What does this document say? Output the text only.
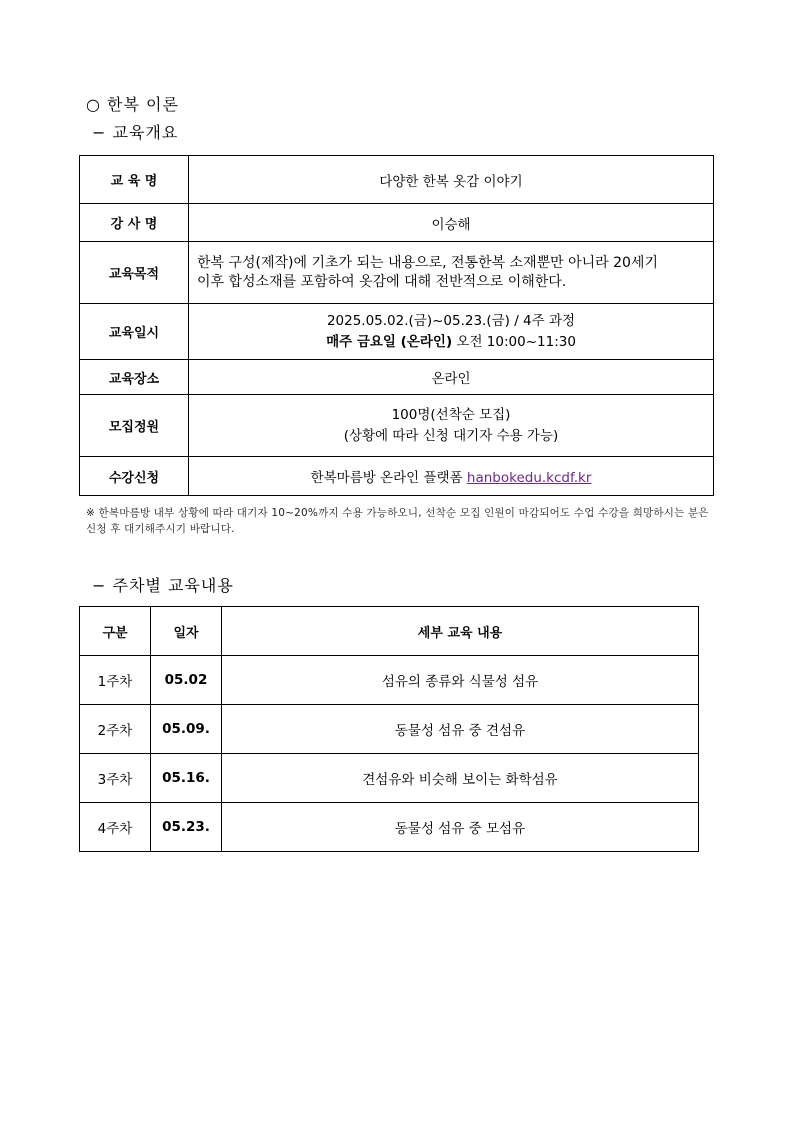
○ 한복 이론
− 교육개요
교 육 명	다양한 한복 옷감 이야기
강 사 명	이승해
교육목적	한복 구성(제작)에 기초가 되는 내용으로, 전통한복 소재뿐만 아니라 20세기
이후 합성소재를 포함하여 옷감에 대해 전반적으로 이해한다.

교육일시	2025.05.02.(금)~05.23.(금) / 4주 과정
매주 금요일 (온라인) 오전 10:00~11:30

교육장소	온라인
모집정원	100명(선착순 모집)
(상황에 따라 신청 대기자 수용 가능)

수강신청	한복마름방 온라인 플랫폼 hanbokedu.kcdf.kr
※ 한복마름방 내부 상황에 따라 대기자 10~20%까지 수용 가능하오니, 선착순 모집 인원이 마감되어도 수업 수강을 희망하시는 분은 신청 후 대기해주시기 바랍니다.
− 주차별 교육내용
구분	일자	세부 교육 내용
1주차	05.02	섬유의 종류와 식물성 섬유
2주차	05.09.	동물성 섬유 중 견섬유
3주차	05.16.	견섬유와 비슷해 보이는 화학섬유
4주차	05.23.	동물성 섬유 중 모섬유
